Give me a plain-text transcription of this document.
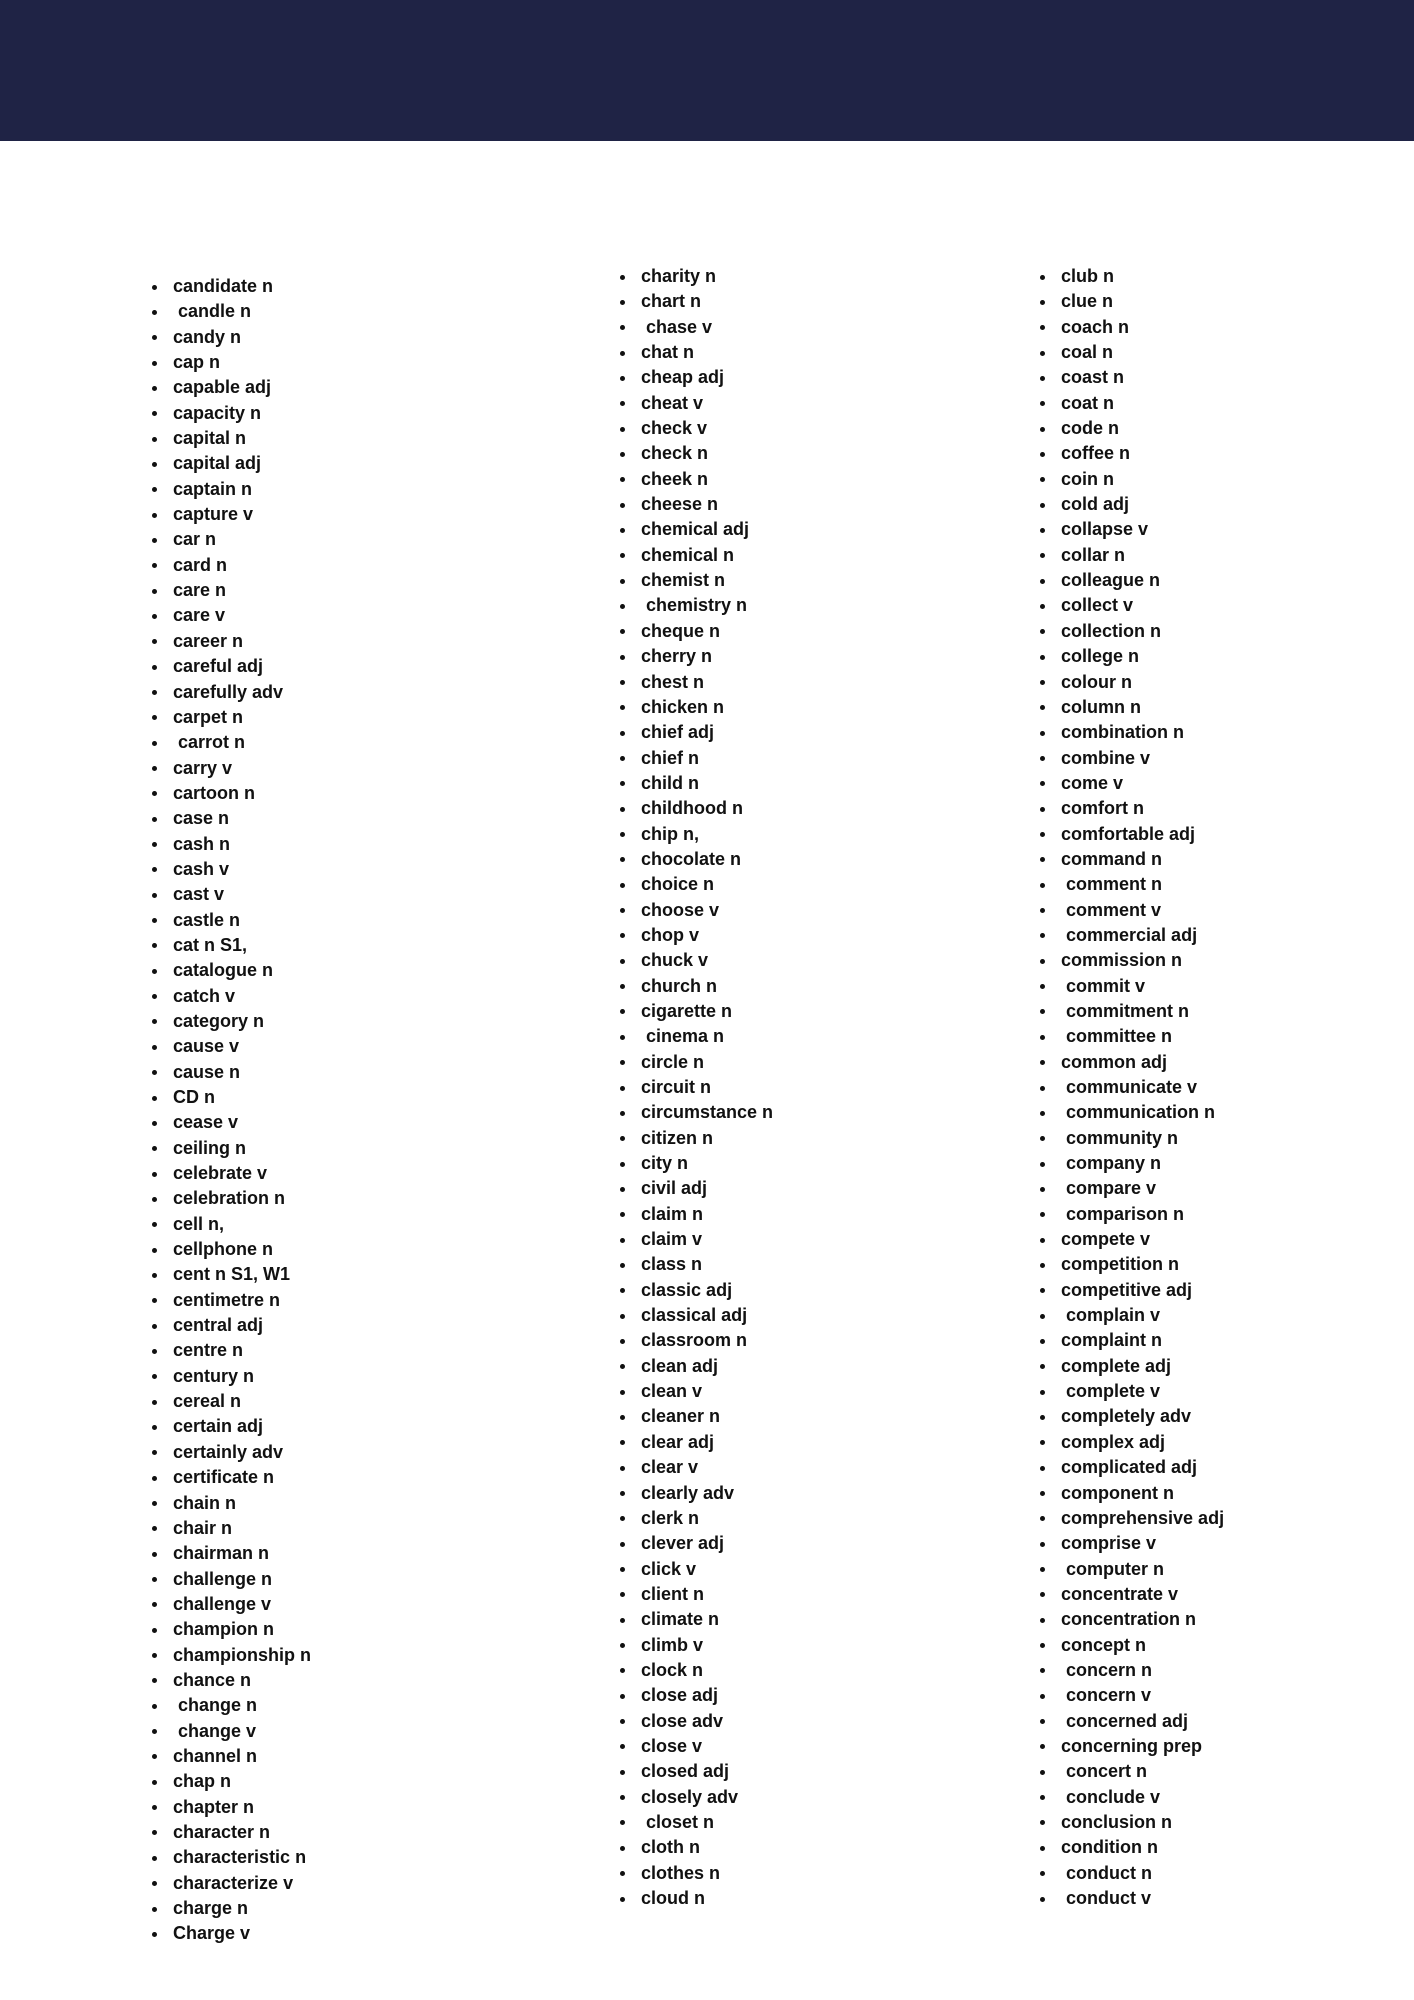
candidate n
candle n
candy n
cap n
capable adj
capacity n
capital n
capital adj
captain n
capture v
car n
card n
care n
care v
career n
careful adj
carefully adv
carpet n
carrot n
carry v
cartoon n
case n
cash n
cash v
cast v
castle n
cat n S1,
catalogue n
catch v
category n
cause v
cause n
CD n
cease v
ceiling n
celebrate v
celebration n
cell n,
cellphone n
cent n S1, W1
centimetre n
central adj
centre n
century n
cereal n
certain adj
certainly adv
certificate n
chain n
chair n
chairman n
challenge n
challenge v
champion n
championship n
chance n
change n
change v
channel n
chap n
chapter n
character n
characteristic n
characterize v
charge n
Charge v
charity n
chart n
chase v
chat n
cheap adj
cheat v
check v
check n
cheek n
cheese n
chemical adj
chemical n
chemist n
chemistry n
cheque n
cherry n
chest n
chicken n
chief adj
chief n
child n
childhood n
chip n,
chocolate n
choice n
choose v
chop v
chuck v
church n
cigarette n
cinema n
circle n
circuit n
circumstance n
citizen n
city n
civil adj
claim n
claim v
class n
classic adj
classical adj
classroom n
clean adj
clean v
cleaner n
clear adj
clear v
clearly adv
clerk n
clever adj
click v
client n
climate n
climb v
clock n
close adj
close adv
close v
closed adj
closely adv
closet n
cloth n
clothes n
cloud n
club n
clue n
coach n
coal n
coast n
coat n
code n
coffee n
coin n
cold adj
collapse v
collar n
colleague n
collect v
collection n
college n
colour n
column n
combination n
combine v
come v
comfort n
comfortable adj
command n
comment n
comment v
commercial adj
commission n
commit v
commitment n
committee n
common adj
communicate v
communication n
community n
company n
compare v
comparison n
compete v
competition n
competitive adj
complain v
complaint n
complete adj
complete v
completely adv
complex adj
complicated adj
component n
comprehensive adj
comprise v
computer n
concentrate v
concentration n
concept n
concern n
concern v
concerned adj
concerning prep
concert n
conclude v
conclusion n
condition n
conduct n
conduct v
